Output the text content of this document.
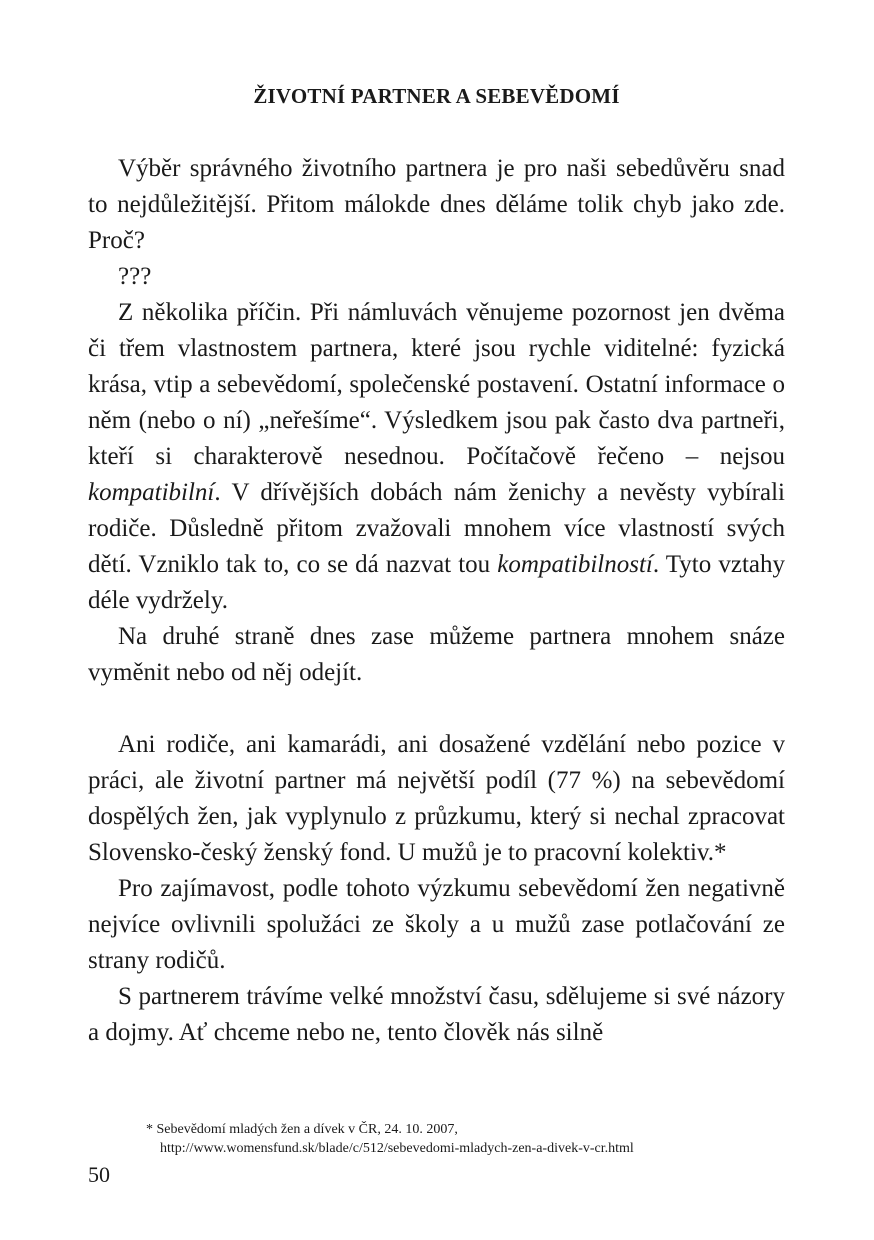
ŽIVOTNÍ PARTNER A SEBEVĚDOMÍ

Výběr správného životního partnera je pro naši sebedůvěru snad to nejdůležitější. Přitom málokde dnes děláme tolik chyb jako zde. Proč?

???

Z několika příčin. Při námluvách věnujeme pozornost jen dvěma či třem vlastnostem partnera, které jsou rychle viditelné: fyzická krása, vtip a sebevědomí, společenské postavení. Ostatní informace o něm (nebo o ní) „neřešíme“. Výsledkem jsou pak často dva partneři, kteří si charakterově nesednou. Počítačově řečeno – nejsou kompatibilní. V dřívějších dobách nám ženichy a nevěsty vybírali rodiče. Důsledně přitom zvažovali mnohem více vlastností svých dětí. Vzniklo tak to, co se dá nazvat tou kompatibilností. Tyto vztahy déle vydržely.

Na druhé straně dnes zase můžeme partnera mnohem snáze vyměnit nebo od něj odejít.

Ani rodiče, ani kamarádi, ani dosažené vzdělání nebo pozice v práci, ale životní partner má největší podíl (77 %) na sebevědomí dospělých žen, jak vyplynulo z průzkumu, který si nechal zpracovat Slovensko-český ženský fond. U mužů je to pracovní kolektiv.*

Pro zajímavost, podle tohoto výzkumu sebevědomí žen negativně nejvíce ovlivnili spolužáci ze školy a u mužů zase potlačování ze strany rodičů.

S partnerem trávíme velké množství času, sdělujeme si své názory a dojmy. Ať chceme nebo ne, tento člověk nás silně

* Sebevědomí mladých žen a dívek v ČR, 24. 10. 2007,
http://www.womensfund.sk/blade/c/512/sebevedomi-mladych-zen-a-divek-v-cr.html
50
